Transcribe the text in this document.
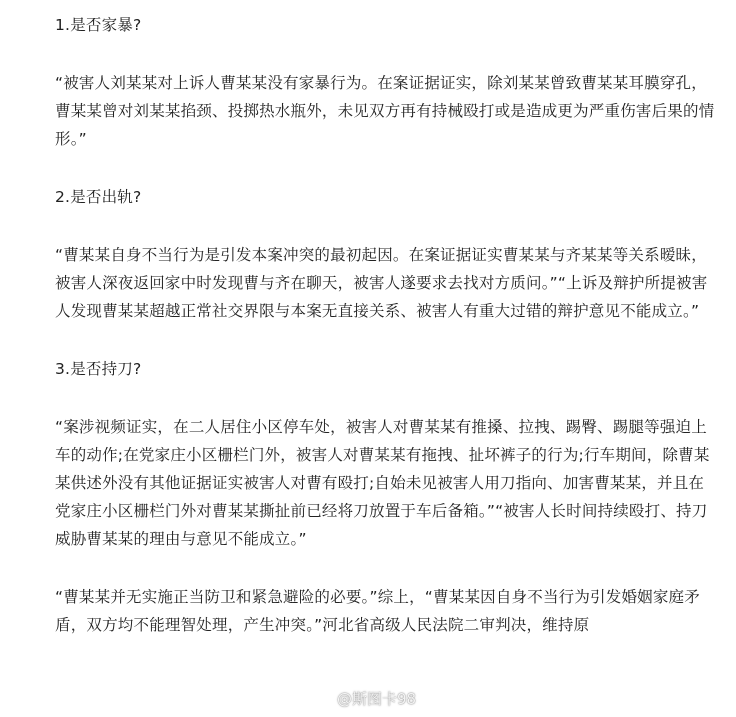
1.是否家暴?

“被害人刘某某对上诉人曹某某没有家暴行为。在案证据证实，除刘某某曾致曹某某耳膜穿孔，曹某某曾对刘某某掐颈、投掷热水瓶外，未见双方再有持械殴打或是造成更为严重伤害后果的情形。”

2.是否出轨?

“曹某某自身不当行为是引发本案冲突的最初起因。在案证据证实曹某某与齐某某等关系暧昧，被害人深夜返回家中时发现曹与齐在聊天，被害人遂要求去找对方质问。”“上诉及辩护所提被害人发现曹某某超越正常社交界限与本案无直接关系、被害人有重大过错的辩护意见不能成立。”

3.是否持刀?

“案涉视频证实，在二人居住小区停车处，被害人对曹某某有推搡、拉拽、踢臀、踢腿等强迫上车的动作;在党家庄小区栅栏门外，被害人对曹某某有拖拽、扯坏裤子的行为;行车期间，除曹某某供述外没有其他证据证实被害人对曹有殴打;自始未见被害人用刀指向、加害曹某某，并且在党家庄小区栅栏门外对曹某某撕扯前已经将刀放置于车后备箱。”“被害人长时间持续殴打、持刀威胁曹某某的理由与意见不能成立。”

“曹某某并无实施正当防卫和紧急避险的必要。”综上，“曹某某因自身不当行为引发婚姻家庭矛盾，双方均不能理智处理，产生冲突。”河北省高级人民法院二审判决，维持原

@斯图卡98
